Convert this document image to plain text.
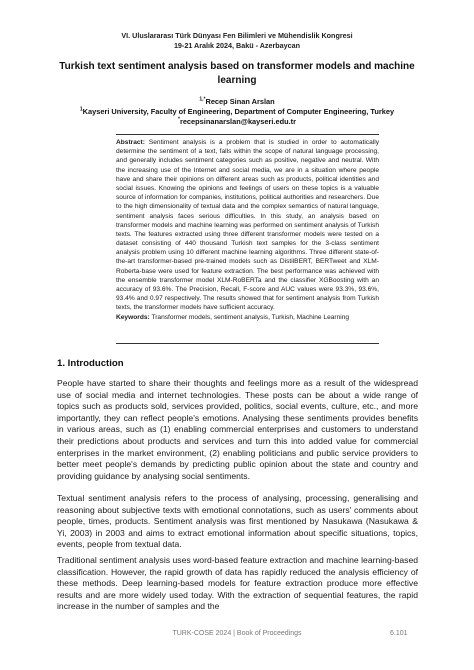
VI. Uluslararası Türk Dünyası Fen Bilimleri ve Mühendislik Kongresi
19-21 Aralık 2024, Bakü - Azerbaycan
Turkish text sentiment analysis based on transformer models and machine learning
$^{1,*}$Recep Sinan Arslan
$^1$Kayseri University, Faculty of Engineering, Department of Computer Engineering, Turkey
*recepsinanarslan@kayseri.edu.tr

Abstract: Sentiment analysis is a problem that is studied in order to automatically determine the sentiment of a text, falls within the scope of natural language processing, and generally includes sentiment categories such as positive, negative and neutral. With the increasing use of the Internet and social media, we are in a situation where people have and share their opinions on different areas such as products, political identities and social issues. Knowing the opinions and feelings of users on these topics is a valuable source of information for companies, institutions, political authorities and researchers. Due to the high dimensionality of textual data and the complex semantics of natural language, sentiment analysis faces serious difficulties. In this study, an analysis based on transformer models and machine learning was performed on sentiment analysis of Turkish texts. The features extracted using three different transformer models were tested on a dataset consisting of 440 thousand Turkish text samples for the 3-class sentiment analysis problem using 10 different machine learning algorithms. Three different state-of-the-art transformer-based pre-trained models such as DistilBERT, BERTweet and XLM-Roberta-base were used for feature extraction. The best performance was achieved with the ensemble transformer model XLM-RoBERTa and the classifier XGBoosting with an accuracy of 93.6%. The Precision, Recall, F-score and AUC values were 93.3%, 93.6%, 93.4% and 0.97 respectively. The results showed that for sentiment analysis from Turkish texts, the transformer models have sufficient accuracy.

Keywords: Transformer models, sentiment analysis, Turkish, Machine Learning

1. Introduction

People have started to share their thoughts and feelings more as a result of the widespread use of social media and internet technologies. These posts can be about a wide range of topics such as products sold, services provided, politics, social events, culture, etc., and more importantly, they can reflect people's emotions. Analysing these sentiments provides benefits in various areas, such as (1) enabling commercial enterprises and customers to understand their predictions about products and services and turn this into added value for commercial enterprises in the market environment, (2) enabling politicians and public service providers to better meet people's demands by predicting public opinion about the state and country and providing guidance by analysing social sentiments.

Textual sentiment analysis refers to the process of analysing, processing, generalising and reasoning about subjective texts with emotional connotations, such as users' comments about people, times, products. Sentiment analysis was first mentioned by Nasukawa (Nasukawa & Yi, 2003) in 2003 and aims to extract emotional information about specific situations, topics, events, people from textual data.

Traditional sentiment analysis uses word-based feature extraction and machine learning-based classification. However, the rapid growth of data has rapidly reduced the analysis efficiency of these methods. Deep learning-based models for feature extraction produce more effective results and are more widely used today. With the extraction of sequential features, the rapid increase in the number of samples and the

TURK-COSE 2024 | Book of Proceedings	6.101
